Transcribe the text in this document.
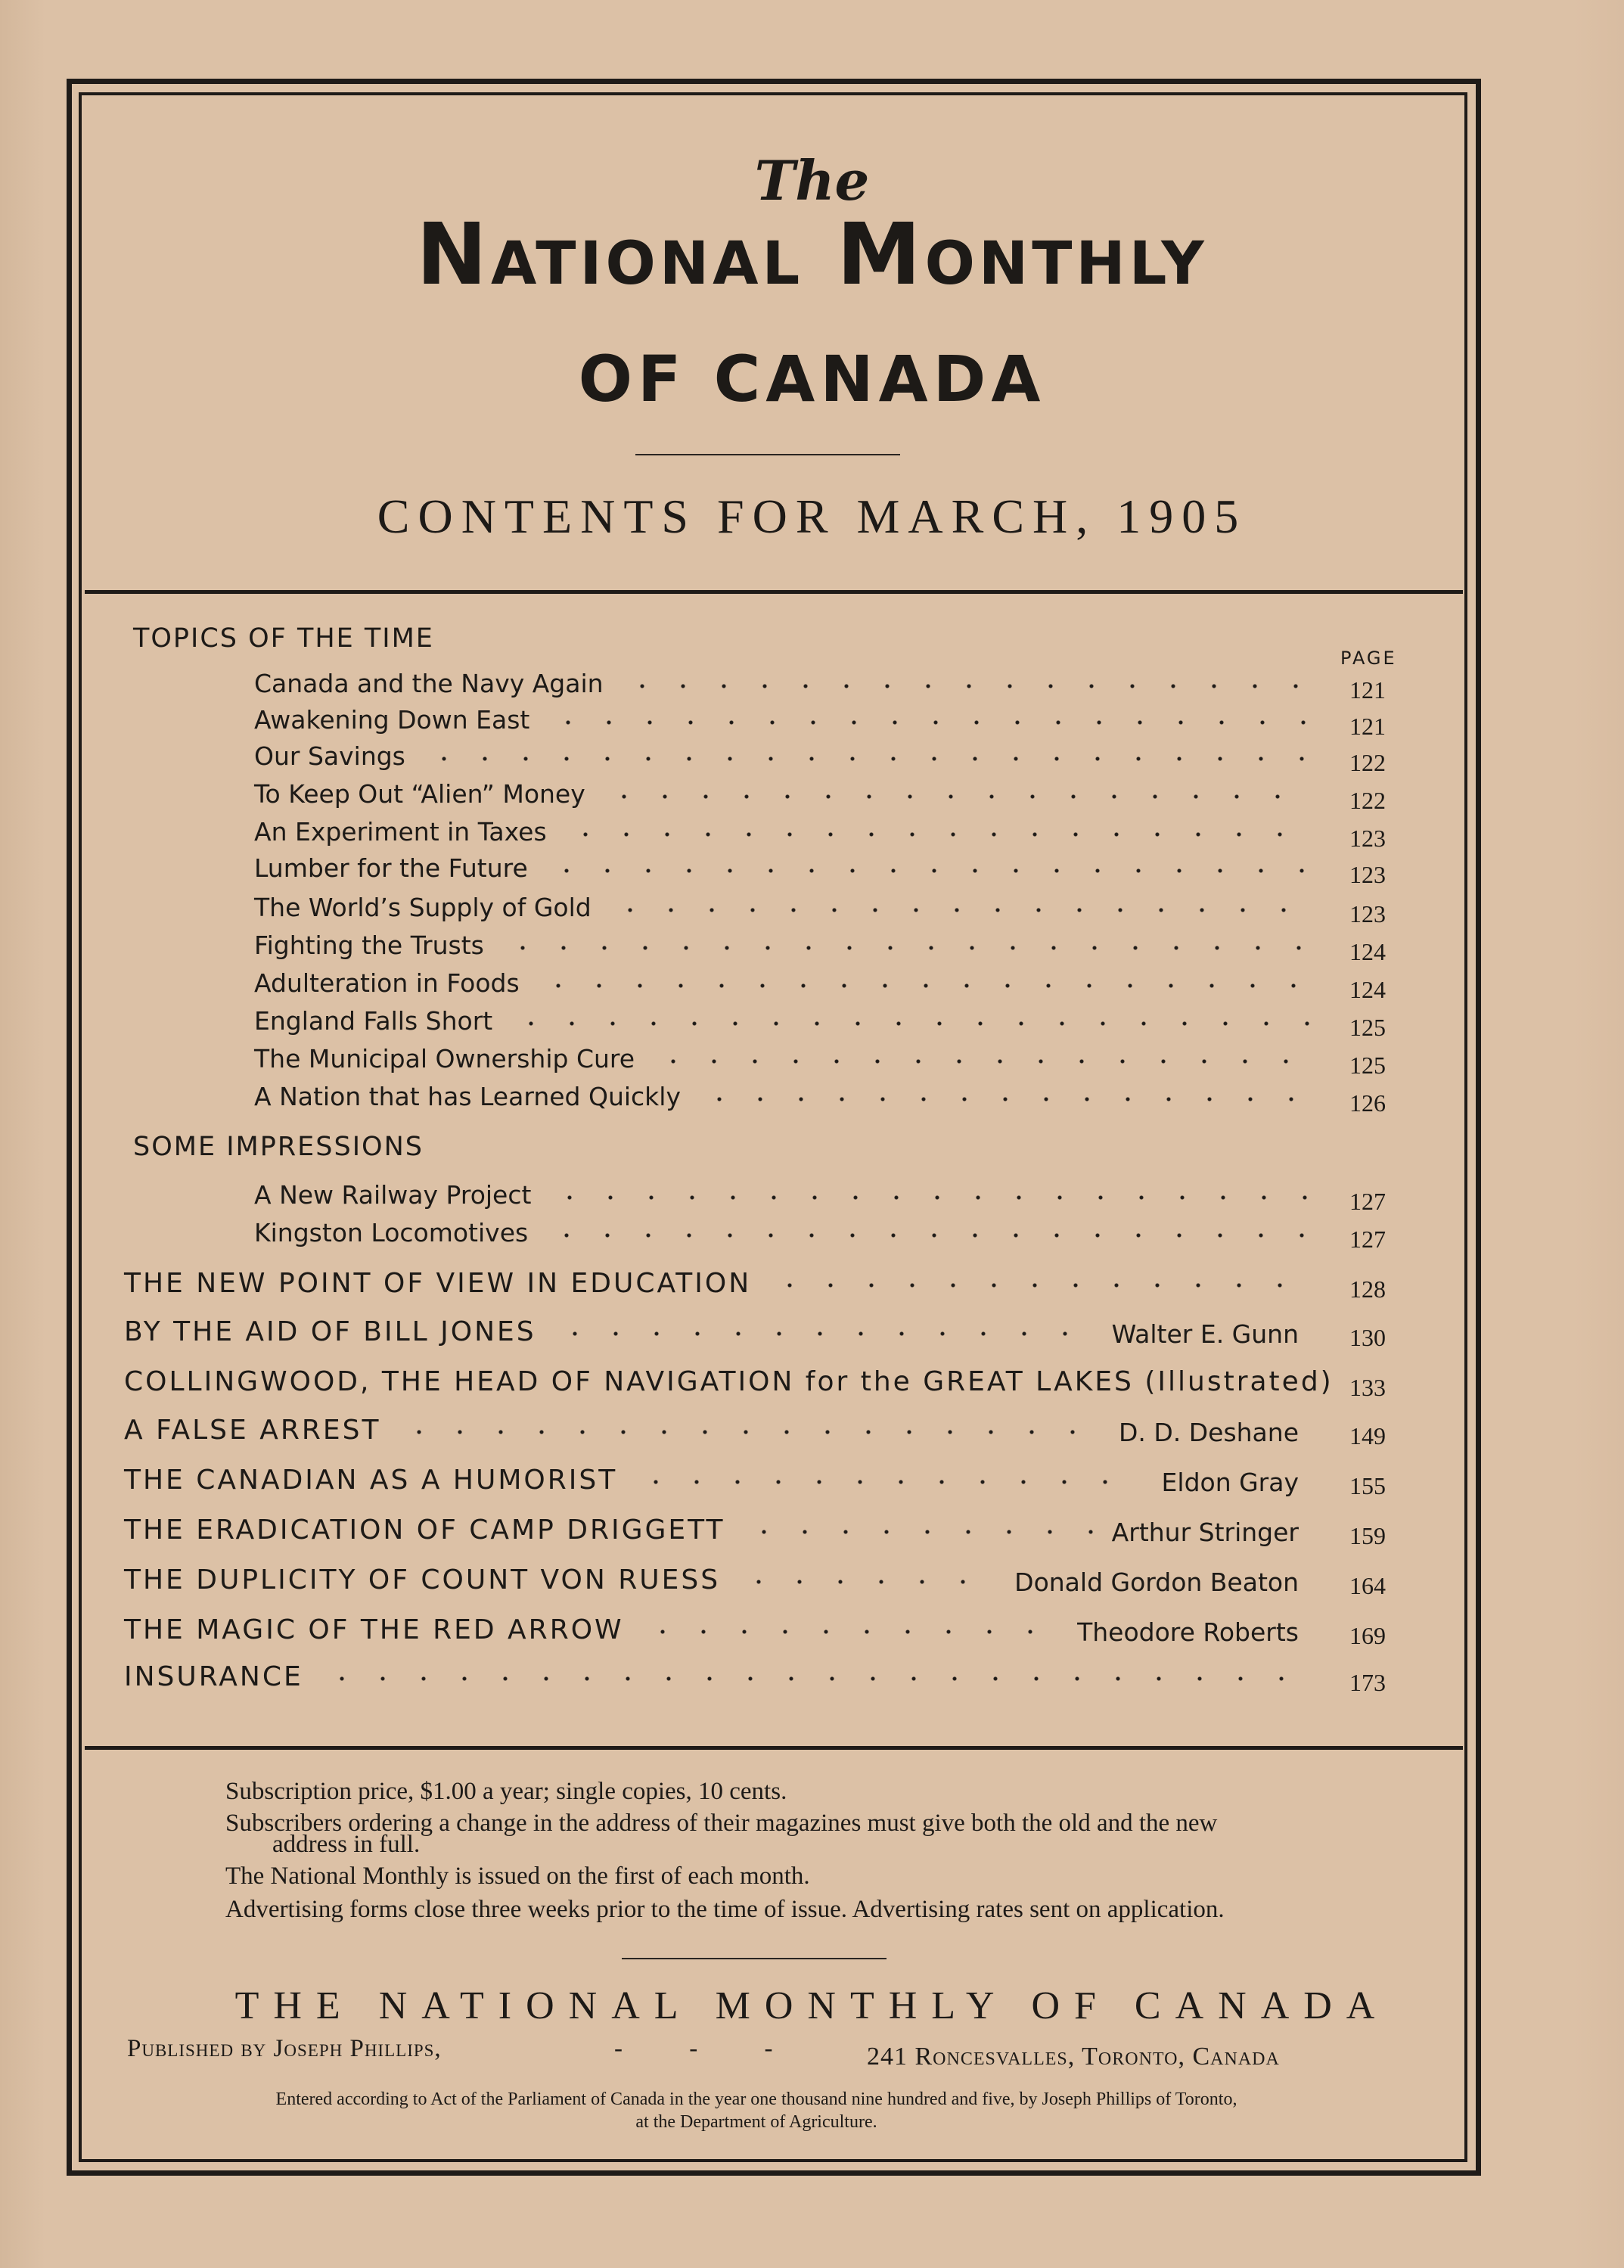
The
National Monthly
OF CANADA
CONTENTS FOR MARCH, 1905
PAGE
TOPICS OF THE TIME
Canada and the Navy Again	121
Awakening Down East	121
Our Savings	122
To Keep Out “Alien” Money	122
An Experiment in Taxes	123
Lumber for the Future	123
The World’s Supply of Gold	123
Fighting the Trusts	124
Adulteration in Foods	124
England Falls Short	125
The Municipal Ownership Cure	125
A Nation that has Learned Quickly	126
SOME IMPRESSIONS
A New Railway Project	127
Kingston Locomotives	127
THE NEW POINT OF VIEW IN EDUCATION	128
BY THE AID OF BILL JONES	Walter E. Gunn 130
COLLINGWOOD, THE HEAD OF NAVIGATION for the GREAT LAKES (Illustrated) 133
A FALSE ARREST	D. D. Deshane 149
THE CANADIAN AS A HUMORIST	Eldon Gray 155
THE ERADICATION OF CAMP DRIGGETT	Arthur Stringer 159
THE DUPLICITY OF COUNT VON RUESS	Donald Gordon Beaton 164
THE MAGIC OF THE RED ARROW	Theodore Roberts 169
INSURANCE	173
Subscription price, $1.00 a year; single copies, 10 cents.
Subscribers ordering a change in the address of their magazines must give both the old and the new
address in full.
The National Monthly is issued on the first of each month.
Advertising forms close three weeks prior to the time of issue. Advertising rates sent on application.
THE NATIONAL MONTHLY OF CANADA
Published by Joseph Phillips,	- - - 241 Roncesvalles, Toronto, Canada
Entered according to Act of the Parliament of Canada in the year one thousand nine hundred and five, by Joseph Phillips of Toronto,
at the Department of Agriculture.
